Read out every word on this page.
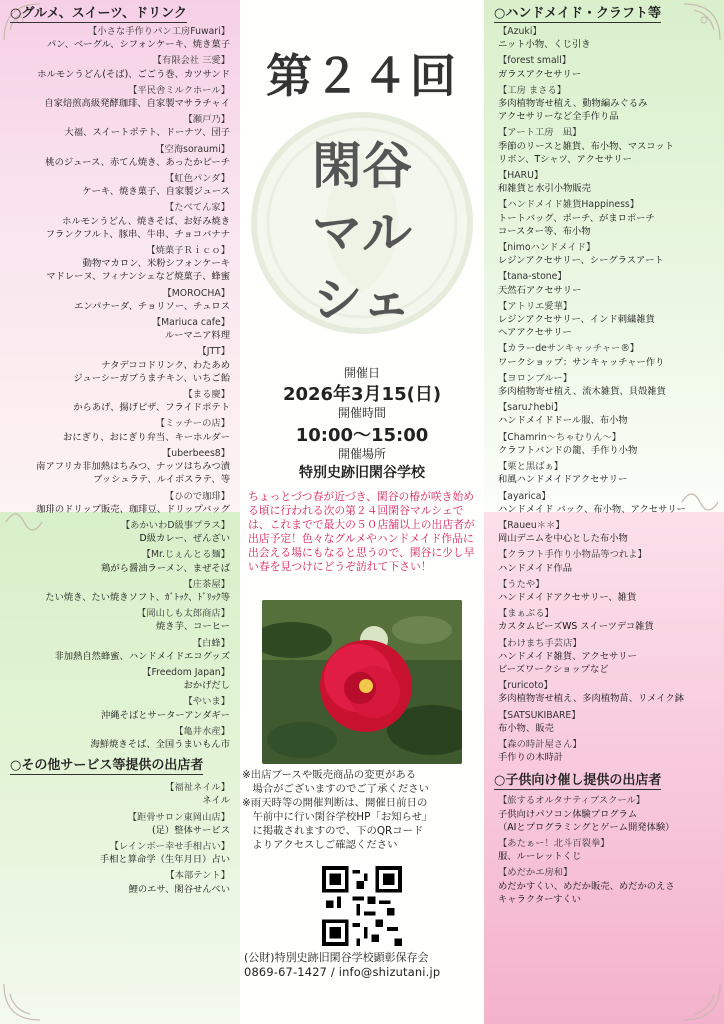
○グルメ、スイーツ、ドリンク
【小さな手作りパン工房Fuwari】
パン、ベーグル、シフォンケーキ、焼き菓子
【有限会社 三愛】
ホルモンうどん(そば)、ごごう巻、カツサンド
【平民舎ミルクホール】
自家焙煎高級発酵珈琲、自家製マサラチャイ
【瀬戸乃】
大福、スイートポテト、ドーナツ、団子
【空海soraumi】
桃のジュース、赤てん焼き、あったかピーチ
【虹色パンダ】
ケーキ、焼き菓子、自家製ジュース
【たべてん家】
ホルモンうどん、焼きそば、お好み焼き
フランクフルト、豚串、牛串、チョコバナナ
【焼菓子Ｒｉｃｏ】
動物マカロン、米粉シフォンケーキ
マドレーヌ、フィナンシェなど焼菓子、蜂蜜
【MOROCHA】
エンパナーダ、チョリソー、チュロス
【Mariuca cafe】
ルーマニア料理
【JTT】
ナタデココドリンク、わたあめ
ジューシーガブうまチキン、いちご飴
【まる慶】
からあげ、揚げピザ、フライドポテト
【ミッチーの店】
おにぎり、おにぎり弁当、キーホルダー
【uberbees8】
南アフリカ非加熱はちみつ、ナッツはちみつ漬
ブッシュラテ、ルイボスラテ、等
【ひので珈琲】
珈琲のドリップ販売、珈琲豆、ドリップバッグ
【あかいわD級事プラス】
D級カレー、ぜんざい
【Mr.じぇんとる麺】
鶏がら醤油ラーメン、まぜそば
【庄茶屋】
たい焼き、たい焼きソフト、ｶﾞﾄｯｸ、ﾄﾞﾘｯｸ等
【岡山しも太郎商店】
焼き芋、コーヒー
【白蜂】
非加熱自然蜂蜜、ハンドメイドエコグッズ
【Freedom Japan】
おかげだし
【やいま】
沖縄そばとサーターアンダギー
【亀井水産】
海鮮焼きそば、全国うまいもん市
○その他サービス等提供の出店者
【福祉ネイル】
ネイル
【距骨サロン東岡山店】
(足）整体サービス
【レインボー幸せ手相占い】
手相と算命学（生年月日）占い
【本部テント】
鯉のエサ、閑谷せんべい
○ハンドメイド・クラフト等
【Azuki】
ニット小物、くじ引き
【forest small】
ガラスアクセサリー
【工房 まさる】
多肉植物寄せ植え、動物編みぐるみ
アクセサリーなど全手作り品
【アート工房　凪】
季節のリースと雑貨、布小物、マスコット
リボン、Tシャツ、アクセサリー
【HARU】
和雑貨と水引小物販売
【ハンドメイド雑貨Happiness】
トートバッグ、ポーチ、がまロポーチ
コースター等、布小物
【nimoハンドメイド】
レジンアクセサリー、シーグラスアート
【tana-stone】
天然石アクセサリー
【アトリエ愛華】
レジンアクセサリー、インド刺繍雑貨
ヘアアクセサリー
【カラーdeサンキャッチャー®】
ワークショップ：サンキャッチャー作り
【ヨロンブルー】
多肉植物寄せ植え、流木雑貨、貝殻雑貨
【saru♪hebi】
ハンドメイドドール服、布小物
【Chamrin～ちゃむりん～】
クラフトバンドの籠、手作り小物
【栗と黒ばぁ】
和風ハンドメイドアクセサリー
【ayarica】
ハンドメイド バック、布小物、アクセサリー
【Raueu＊＊】
岡山デニムを中心とした布小物
【クラフト手作り小物品等つれよ】
ハンドメイド作品
【うたや】
ハンドメイドアクセサリー、雑貨
【まぁぶる】
カスタムビーズWS スイーツデコ雑貨
【わけまち手芸店】
ハンドメイド雑貨、アクセサリー
ビーズワークショップなど
【ruricoto】
多肉植物寄せ植え、多肉植物苗、リメイク鉢
【SATSUKIBARE】
布小物、販売
【森の時計屋さん】
手作りの木時計
○子供向け催し提供の出店者
【旅するオルタナティブスクール】
子供向けパソコン体験プログラム
（AIとプログラミングとゲーム開発体験）
【あたぁー！北斗百裂拳】
服、ルーレットくじ
【めだかエ房和】
めだかすくい、めだか販売、めだかのえさ
キャラクターすくい
第２４回
閑谷
マル
シェ
開催日
2026年3月15(日)
開催時間
10:00～15:00
開催場所
特別史跡旧閑谷学校
ちょっとづつ春が近づき、閑谷の椿が咲き始める頃に行われる次の第２４回閑谷マルシェでは、これまでで最大の５０店舗以上の出店者が出店予定！色々なグルメやハンドメイド作品に出会える場にもなると思うので、閑谷に少し早い春を見つけにどうぞ訪れて下さい！
※出店ブースや販売商品の変更がある
　場合がございますのでご了承ください
※雨天時等の開催判断は、開催日前日の
　午前中に行い閑谷学校HP「お知らせ」
　に掲載されますので、下のQRコード
　よりアクセスしご確認ください
(公財)特別史跡旧閑谷学校顕彰保存会
0869-67-1427 / info@shizutani.jp
